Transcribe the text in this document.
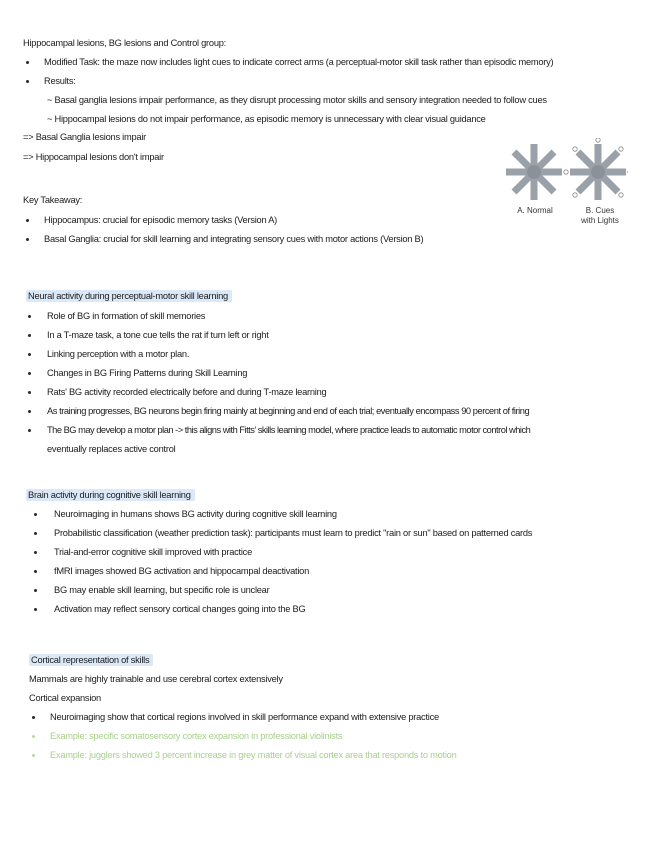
Hippocampal lesions, BG lesions and Control group:
Modified Task: the maze now includes light cues to indicate correct arms (a perceptual-motor skill task rather than episodic memory)
Results:
~ Basal ganglia lesions impair performance, as they disrupt processing motor skills and sensory integration needed to follow cues
~ Hippocampal lesions do not impair performance, as episodic memory is unnecessary with clear visual guidance
=> Basal Ganglia lesions impair
=> Hippocampal lesions don't impair
A. Normal	B. Cues
with Lights
Key Takeaway:
Hippocampus: crucial for episodic memory tasks (Version A)
Basal Ganglia: crucial for skill learning and integrating sensory cues with motor actions (Version B)
Neural activity during perceptual-motor skill learning
Role of BG in formation of skill memories
In a T-maze task, a tone cue tells the rat if turn left or right
Linking perception with a motor plan.
Changes in BG Firing Patterns during Skill Learning
Rats' BG activity recorded electrically before and during T-maze learning
As training progresses, BG neurons begin firing mainly at beginning and end of each trial; eventually encompass 90 percent of firing
The BG may develop a motor plan -> this aligns with Fitts' skills learning model, where practice leads to automatic motor control which
eventually replaces active control
Brain activity during cognitive skill learning
Neuroimaging in humans shows BG activity during cognitive skill learning
Probabilistic classification (weather prediction task): participants must learn to predict "rain or sun" based on patterned cards
Trial-and-error cognitive skill improved with practice
fMRI images showed BG activation and hippocampal deactivation
BG may enable skill learning, but specific role is unclear
Activation may reflect sensory cortical changes going into the BG
Cortical representation of skills
Mammals are highly trainable and use cerebral cortex extensively
Cortical expansion
Neuroimaging show that cortical regions involved in skill performance expand with extensive practice
Example: specific somatosensory cortex expansion in professional violinists
Example: jugglers showed 3 percent increase in grey matter of visual cortex area that responds to motion
